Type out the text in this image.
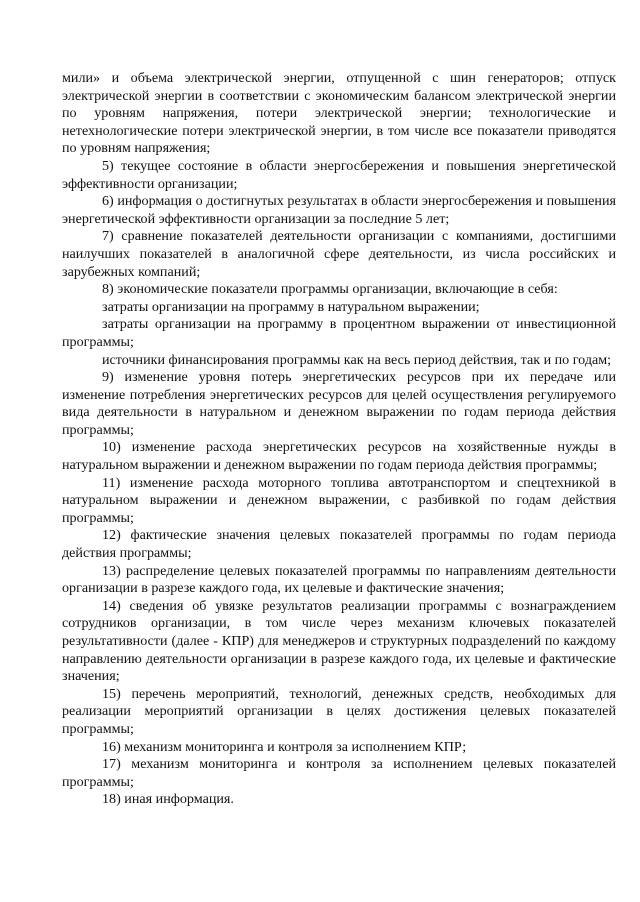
мили» и объема электрической энергии, отпущенной с шин генераторов; отпуск электрической энергии в соответствии с экономическим балансом электрической энергии по уровням напряжения, потери электрической энергии; технологические и нетехнологические потери электрической энергии, в том числе все показатели приводятся по уровням напряжения;

5) текущее состояние в области энергосбережения и повышения энергетической эффективности организации;

6) информация о достигнутых результатах в области энергосбережения и повышения энергетической эффективности организации за последние 5 лет;

7) сравнение показателей деятельности организации с компаниями, достигшими наилучших показателей в аналогичной сфере деятельности, из числа российских и зарубежных компаний;

8) экономические показатели программы организации, включающие в себя:

затраты организации на программу в натуральном выражении;

затраты организации на программу в процентном выражении от инвестиционной программы;

источники финансирования программы как на весь период действия, так и по годам;

9) изменение уровня потерь энергетических ресурсов при их передаче или изменение потребления энергетических ресурсов для целей осуществления регулируемого вида деятельности в натуральном и денежном выражении по годам периода действия программы;

10) изменение расхода энергетических ресурсов на хозяйственные нужды в натуральном выражении и денежном выражении по годам периода действия программы;

11) изменение расхода моторного топлива автотранспортом и спецтехникой в натуральном выражении и денежном выражении, с разбивкой по годам действия программы;

12) фактические значения целевых показателей программы по годам периода действия программы;

13) распределение целевых показателей программы по направлениям деятельности организации в разрезе каждого года, их целевые и фактические значения;

14) сведения об увязке результатов реализации программы с вознаграждением сотрудников организации, в том числе через механизм ключевых показателей результативности (далее - КПР) для менеджеров и структурных подразделений по каждому направлению деятельности организации в разрезе каждого года, их целевые и фактические значения;

15) перечень мероприятий, технологий, денежных средств, необходимых для реализации мероприятий организации в целях достижения целевых показателей программы;

16) механизм мониторинга и контроля за исполнением КПР;

17) механизм мониторинга и контроля за исполнением целевых показателей программы;

18) иная информация.
